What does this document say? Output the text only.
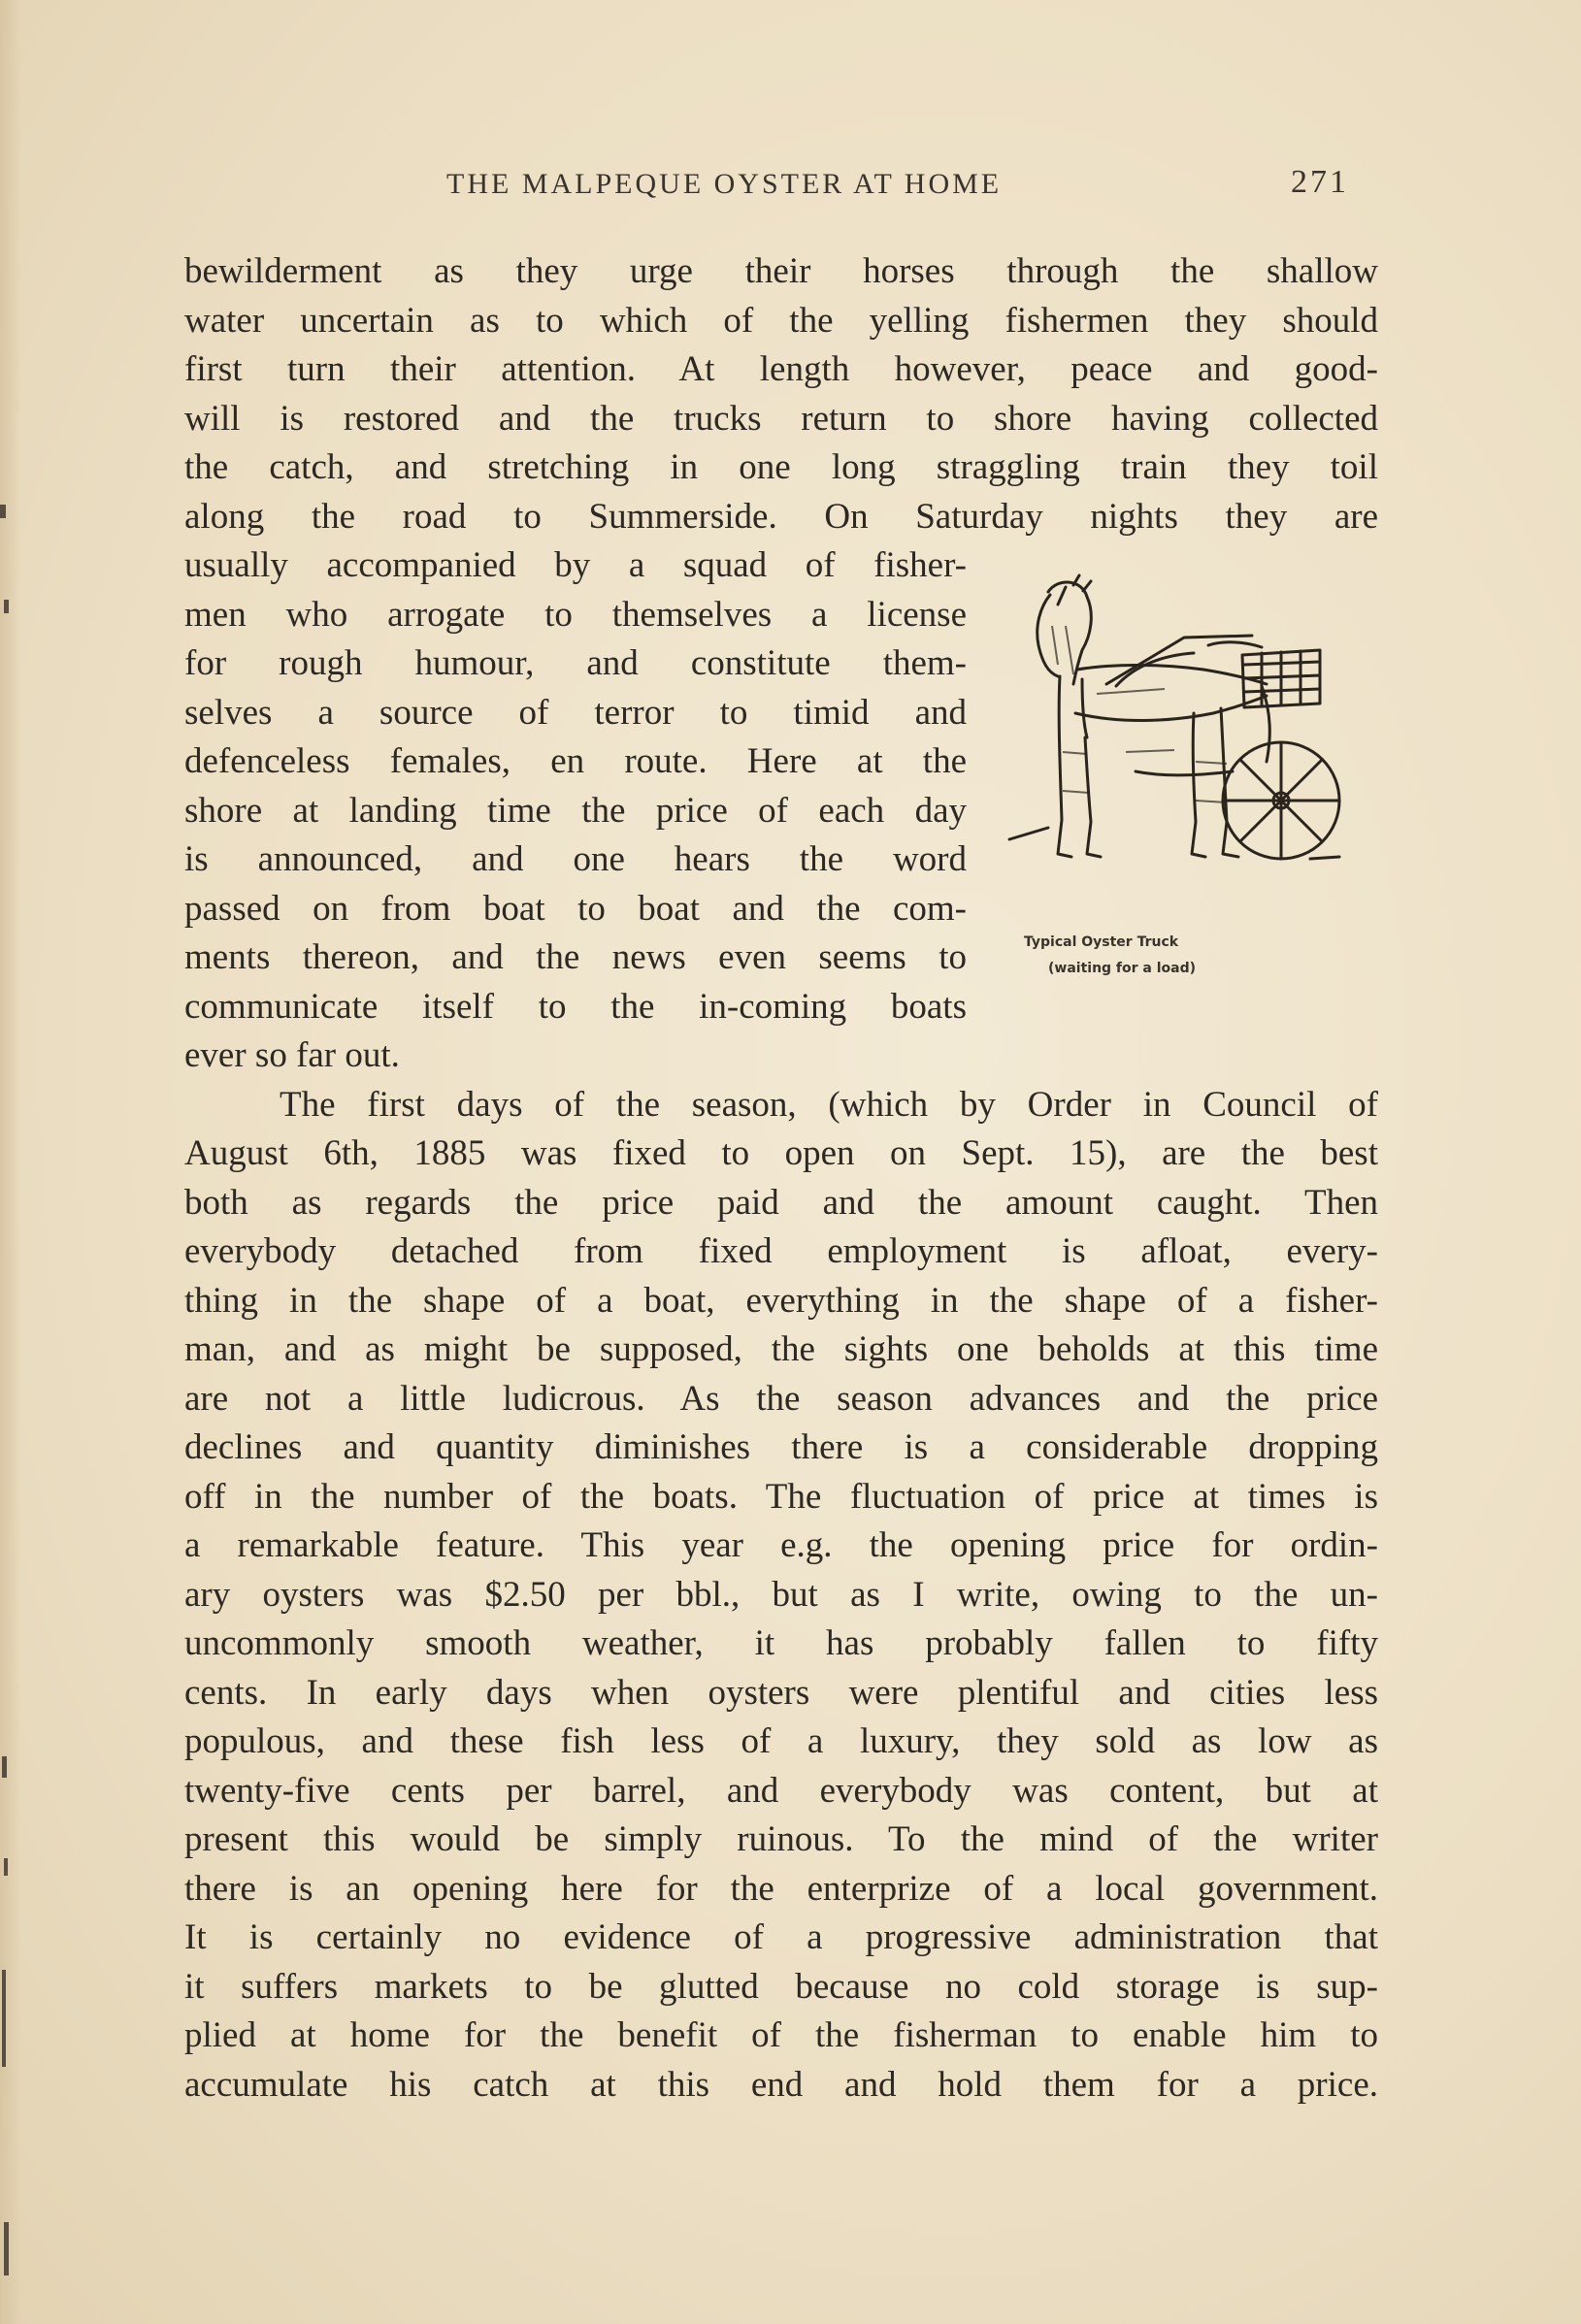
THE MALPEQUE OYSTER AT HOME	271
bewilderment as they urge their horses through the shallow
water uncertain as to which of the yelling fishermen they should
first turn their attention. At length however, peace and good-
will is restored and the trucks return to shore having collected
the catch, and stretching in one long straggling train they toil
along the road to Summerside. On Saturday nights they are
usually accompanied by a squad of fisher-
men who arrogate to themselves a license
for rough humour, and constitute them-
selves a source of terror to timid and
defenceless females, en route. Here at the
shore at landing time the price of each day
is announced, and one hears the word
passed on from boat to boat and the com-
ments thereon, and the news even seems to
communicate itself to the in-coming boats
ever so far out.
The first days of the season, (which by Order in Council of
August 6th, 1885 was fixed to open on Sept. 15), are the best
both as regards the price paid and the amount caught. Then
everybody detached from fixed employment is afloat, every-
thing in the shape of a boat, everything in the shape of a fisher-
man, and as might be supposed, the sights one beholds at this time
are not a little ludicrous. As the season advances and the price
declines and quantity diminishes there is a considerable dropping
off in the number of the boats. The fluctuation of price at times is
a remarkable feature. This year e.g. the opening price for ordin-
ary oysters was $2.50 per bbl., but as I write, owing to the un-
uncommonly smooth weather, it has probably fallen to fifty
cents. In early days when oysters were plentiful and cities less
populous, and these fish less of a luxury, they sold as low as
twenty-five cents per barrel, and everybody was content, but at
present this would be simply ruinous. To the mind of the writer
there is an opening here for the enterprize of a local government.
It is certainly no evidence of a progressive administration that
it suffers markets to be glutted because no cold storage is sup-
plied at home for the benefit of the fisherman to enable him to
accumulate his catch at this end and hold them for a price.
Typical Oyster Truck
(waiting for a load)
